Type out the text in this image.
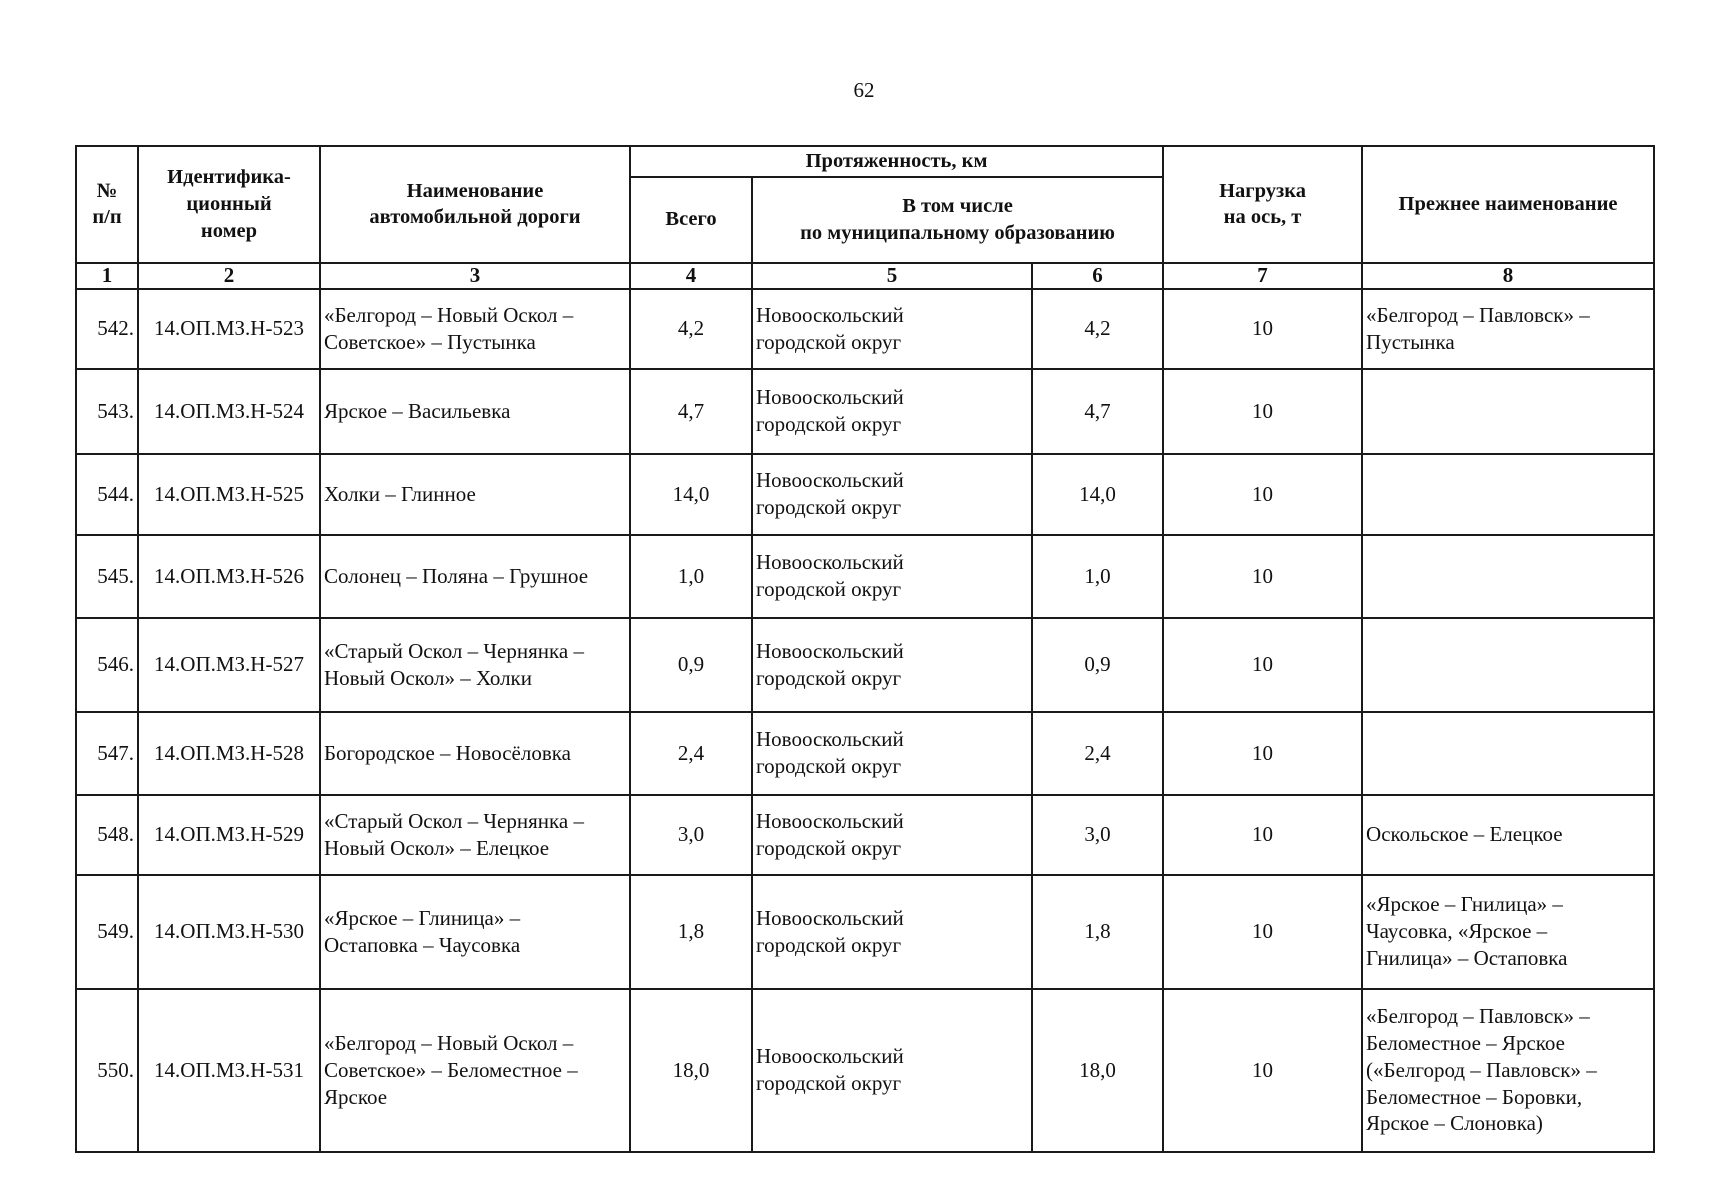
62
№
п/п	Идентифика-
ционный
номер	Наименование
автомобильной дороги	Протяженность, км			Нагрузка
на ось, т	Прежнее наименование
			Всего	В том числе
по муниципальному образованию			

1	2	3	4	5	6	7	8
542.	14.ОП.МЗ.Н-523	«Белгород – Новый Оскол –
Советское» – Пустынка	4,2	Новооскольский
городской округ	4,2	10	«Белгород – Павловск» –
Пустынка

543.	14.ОП.МЗ.Н-524	Ярское – Васильевка	4,7	Новооскольский
городской округ	4,7	10	

544.	14.ОП.МЗ.Н-525	Холки – Глинное	14,0	Новооскольский
городской округ	14,0	10	

545.	14.ОП.МЗ.Н-526	Солонец – Поляна – Грушное	1,0	Новооскольский
городской округ	1,0	10	

546.	14.ОП.МЗ.Н-527	«Старый Оскол – Чернянка –
Новый Оскол» – Холки	0,9	Новооскольский
городской округ	0,9	10	

547.	14.ОП.МЗ.Н-528	Богородское – Новосёловка	2,4	Новооскольский
городской округ	2,4	10	

548.	14.ОП.МЗ.Н-529	«Старый Оскол – Чернянка –
Новый Оскол» – Елецкое	3,0	Новооскольский
городской округ	3,0	10	Оскольское – Елецкое

549.	14.ОП.МЗ.Н-530	«Ярское – Глиница» –
Остаповка – Чаусовка	1,8	Новооскольский
городской округ	1,8	10	«Ярское – Гнилица» –
Чаусовка, «Ярское –
Гнилица» – Остаповка

550.	14.ОП.МЗ.Н-531	«Белгород – Новый Оскол –
Советское» – Беломестное –
Ярское	18,0	Новооскольский
городской округ	18,0	10	«Белгород – Павловск» –
Беломестное – Ярское
(«Белгород – Павловск» –
Беломестное – Боровки,
Ярское – Слоновка)
